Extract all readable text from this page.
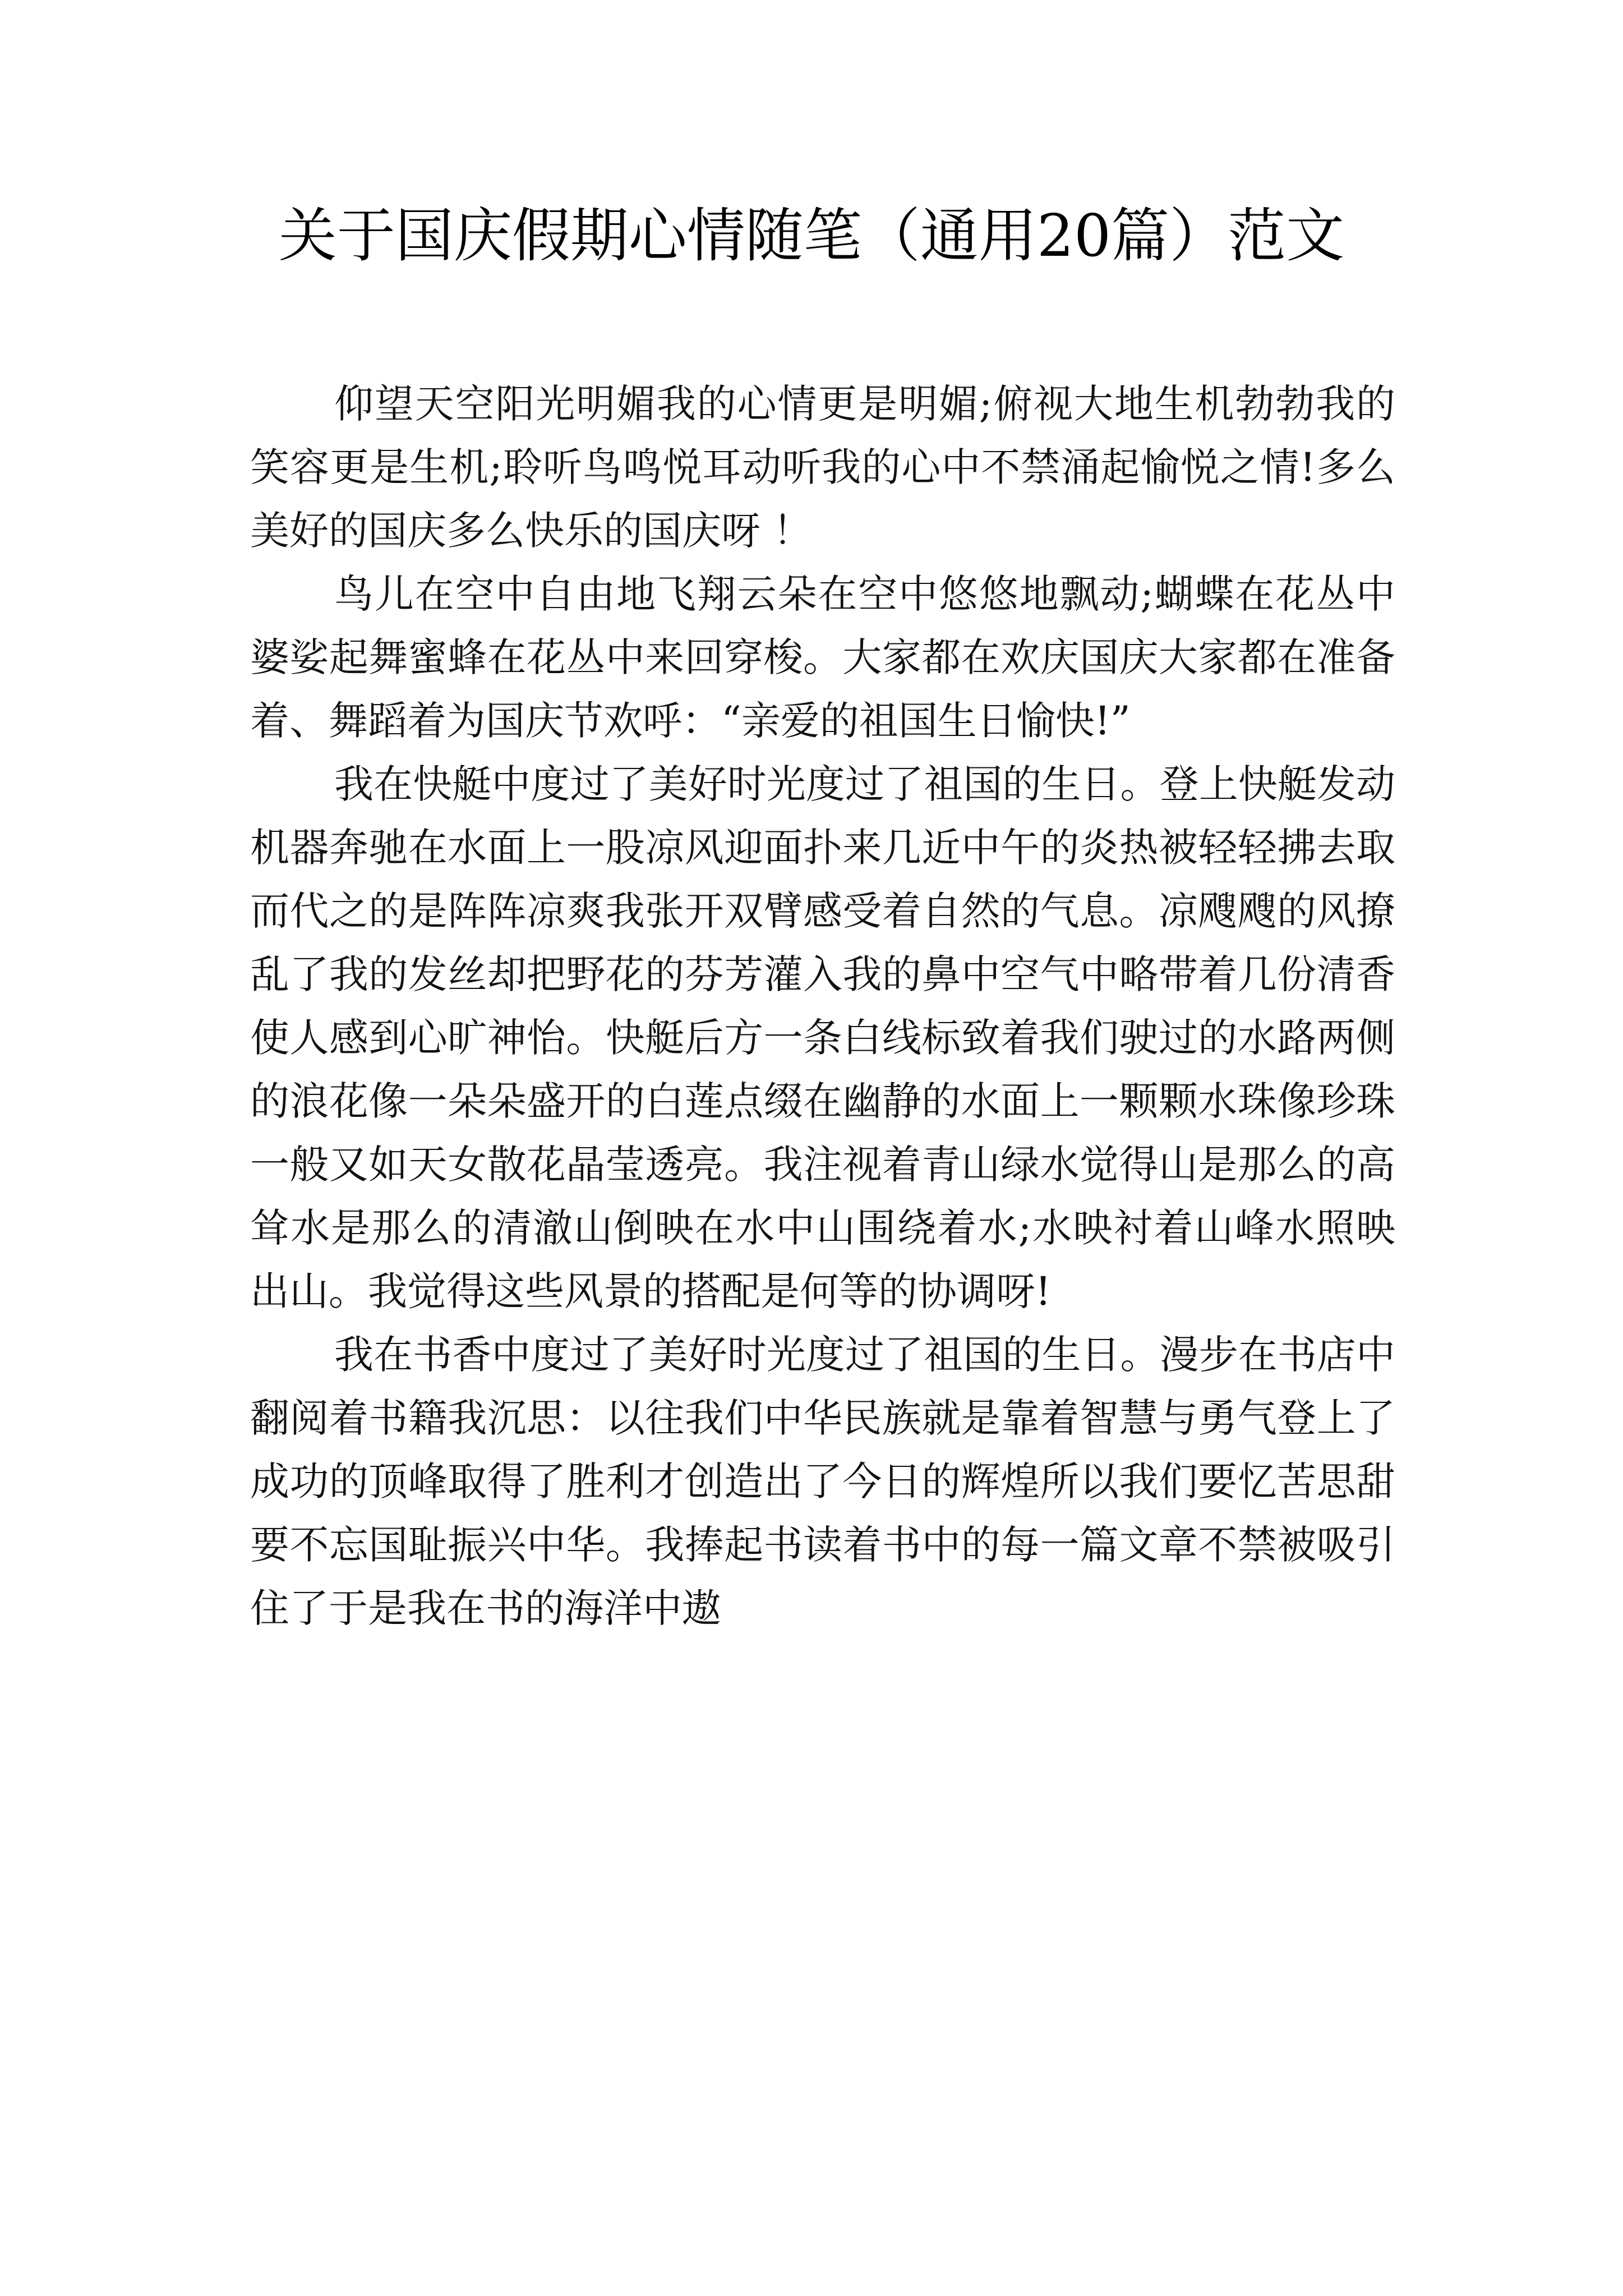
关于国庆假期心情随笔（通用20篇）范文

仰望天空阳光明媚我的心情更是明媚;俯视大地生机勃勃我的笑容更是生机;聆听鸟鸣悦耳动听我的心中不禁涌起愉悦之情!多么美好的国庆多么快乐的国庆呀 ！

鸟儿在空中自由地飞翔云朵在空中悠悠地飘动;蝴蝶在花丛中婆娑起舞蜜蜂在花丛中来回穿梭。大家都在欢庆国庆大家都在准备着、舞蹈着为国庆节欢呼：“亲爱的祖国生日愉快!”

我在快艇中度过了美好时光度过了祖国的生日。登上快艇发动机器奔驰在水面上一股凉风迎面扑来几近中午的炎热被轻轻拂去取而代之的是阵阵凉爽我张开双臂感受着自然的气息。凉飕飕的风撩乱了我的发丝却把野花的芬芳灌入我的鼻中空气中略带着几份清香使人感到心旷神怡。快艇后方一条白线标致着我们驶过的水路两侧的浪花像一朵朵盛开的白莲点缀在幽静的水面上一颗颗水珠像珍珠一般又如天女散花晶莹透亮。我注视着青山绿水觉得山是那么的高耸水是那么的清澈山倒映在水中山围绕着水;水映衬着山峰水照映出山。我觉得这些风景的搭配是何等的协调呀!

我在书香中度过了美好时光度过了祖国的生日。漫步在书店中翻阅着书籍我沉思：以往我们中华民族就是靠着智慧与勇气登上了成功的顶峰取得了胜利才创造出了今日的辉煌所以我们要忆苦思甜要不忘国耻振兴中华。我捧起书读着书中的每一篇文章不禁被吸引住了于是我在书的海洋中遨
